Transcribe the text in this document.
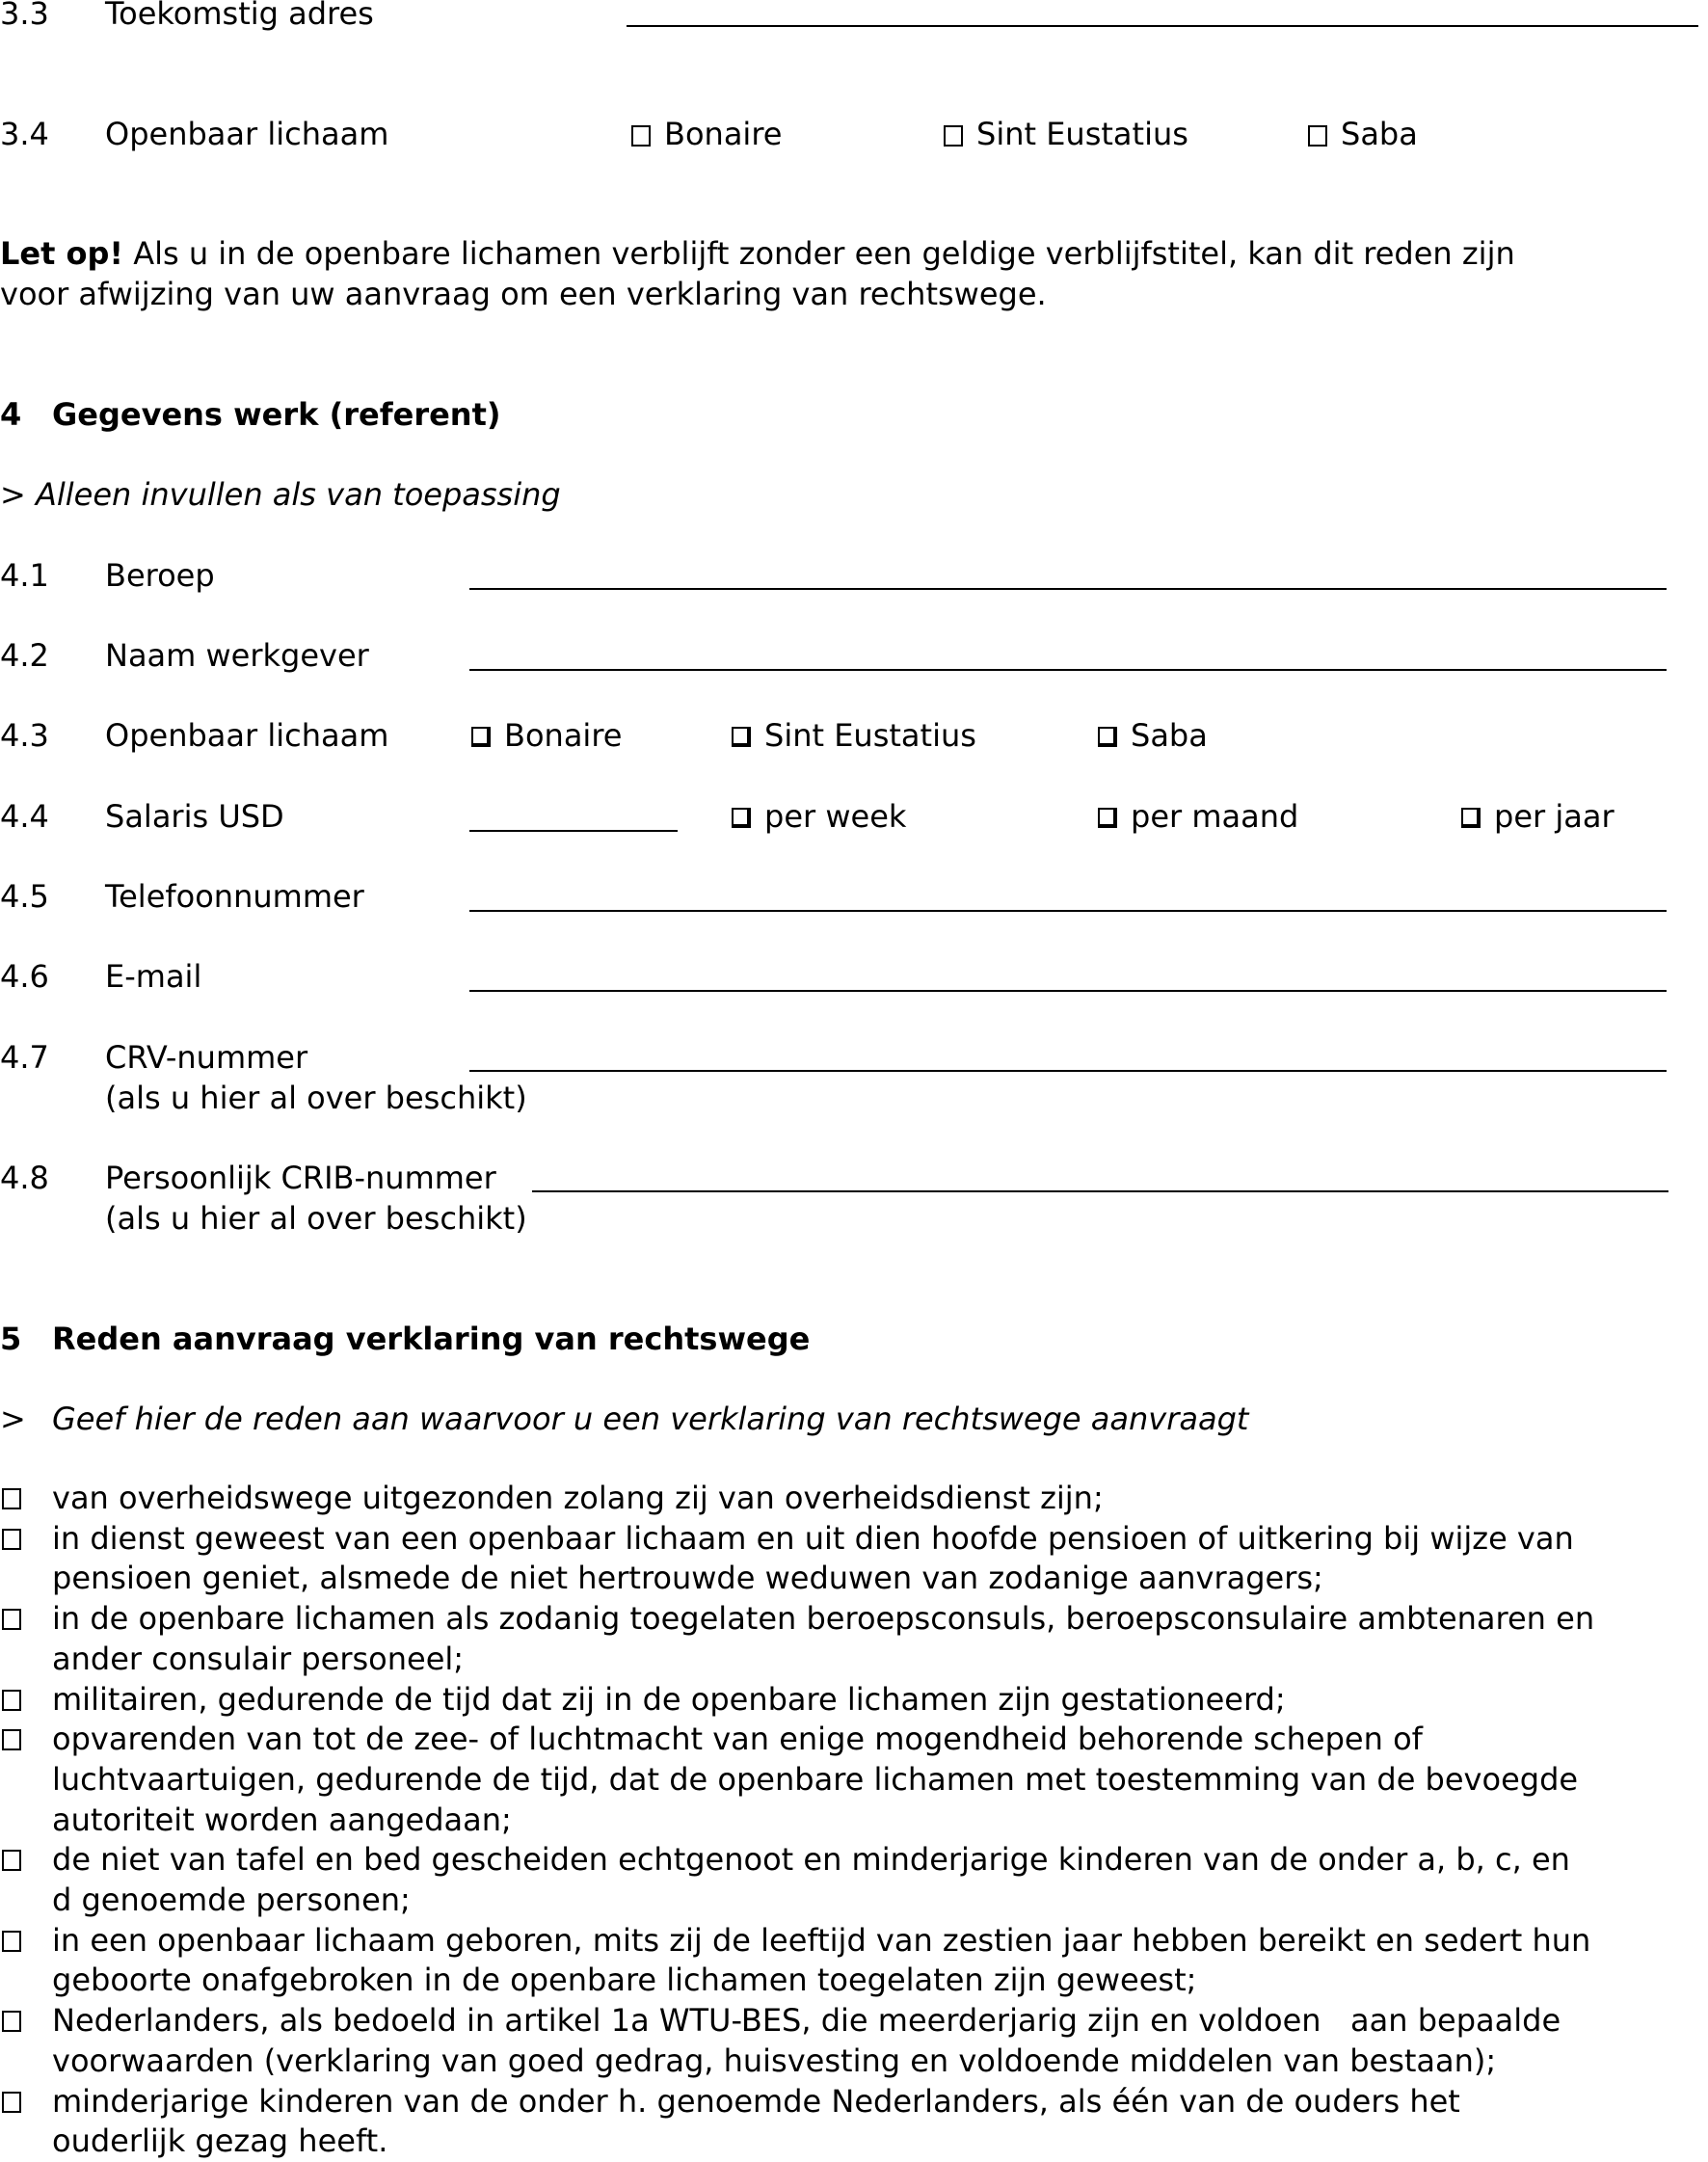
3.3 Toekomstig adres
3.4 Openbaar lichaam	Bonaire	Sint Eustatius	Saba
Let op! Als u in de openbare lichamen verblijft zonder een geldige verblijfstitel, kan dit reden zijn
voor afwijzing van uw aanvraag om een verklaring van rechtswege.
4 Gegevens werk (referent)
> Alleen invullen als van toepassing
4.1 Beroep
4.2 Naam werkgever
4.3 Openbaar lichaam	Bonaire	Sint Eustatius	Saba
4.4 Salaris USD	per week	per maand	per jaar
4.5 Telefoonnummer
4.6 E-mail
4.7 CRV-nummer
(als u hier al over beschikt)
4.8 Persoonlijk CRIB-nummer
(als u hier al over beschikt)
5 Reden aanvraag verklaring van rechtswege
> Geef hier de reden aan waarvoor u een verklaring van rechtswege aanvraagt
van overheidswege uitgezonden zolang zij van overheidsdienst zijn;
in dienst geweest van een openbaar lichaam en uit dien hoofde pensioen of uitkering bij wijze van
pensioen geniet, alsmede de niet hertrouwde weduwen van zodanige aanvragers;
in de openbare lichamen als zodanig toegelaten beroepsconsuls, beroepsconsulaire ambtenaren en
ander consulair personeel;
militairen, gedurende de tijd dat zij in de openbare lichamen zijn gestationeerd;
opvarenden van tot de zee- of luchtmacht van enige mogendheid behorende schepen of
luchtvaartuigen, gedurende de tijd, dat de openbare lichamen met toestemming van de bevoegde
autoriteit worden aangedaan;
de niet van tafel en bed gescheiden echtgenoot en minderjarige kinderen van de onder a, b, c, en
d genoemde personen;
in een openbaar lichaam geboren, mits zij de leeftijd van zestien jaar hebben bereikt en sedert hun
geboorte onafgebroken in de openbare lichamen toegelaten zijn geweest;
Nederlanders, als bedoeld in artikel 1a WTU-BES, die meerderjarig zijn en voldoen   aan bepaalde
voorwaarden (verklaring van goed gedrag, huisvesting en voldoende middelen van bestaan);
minderjarige kinderen van de onder h. genoemde Nederlanders, als één van de ouders het
ouderlijk gezag heeft.
